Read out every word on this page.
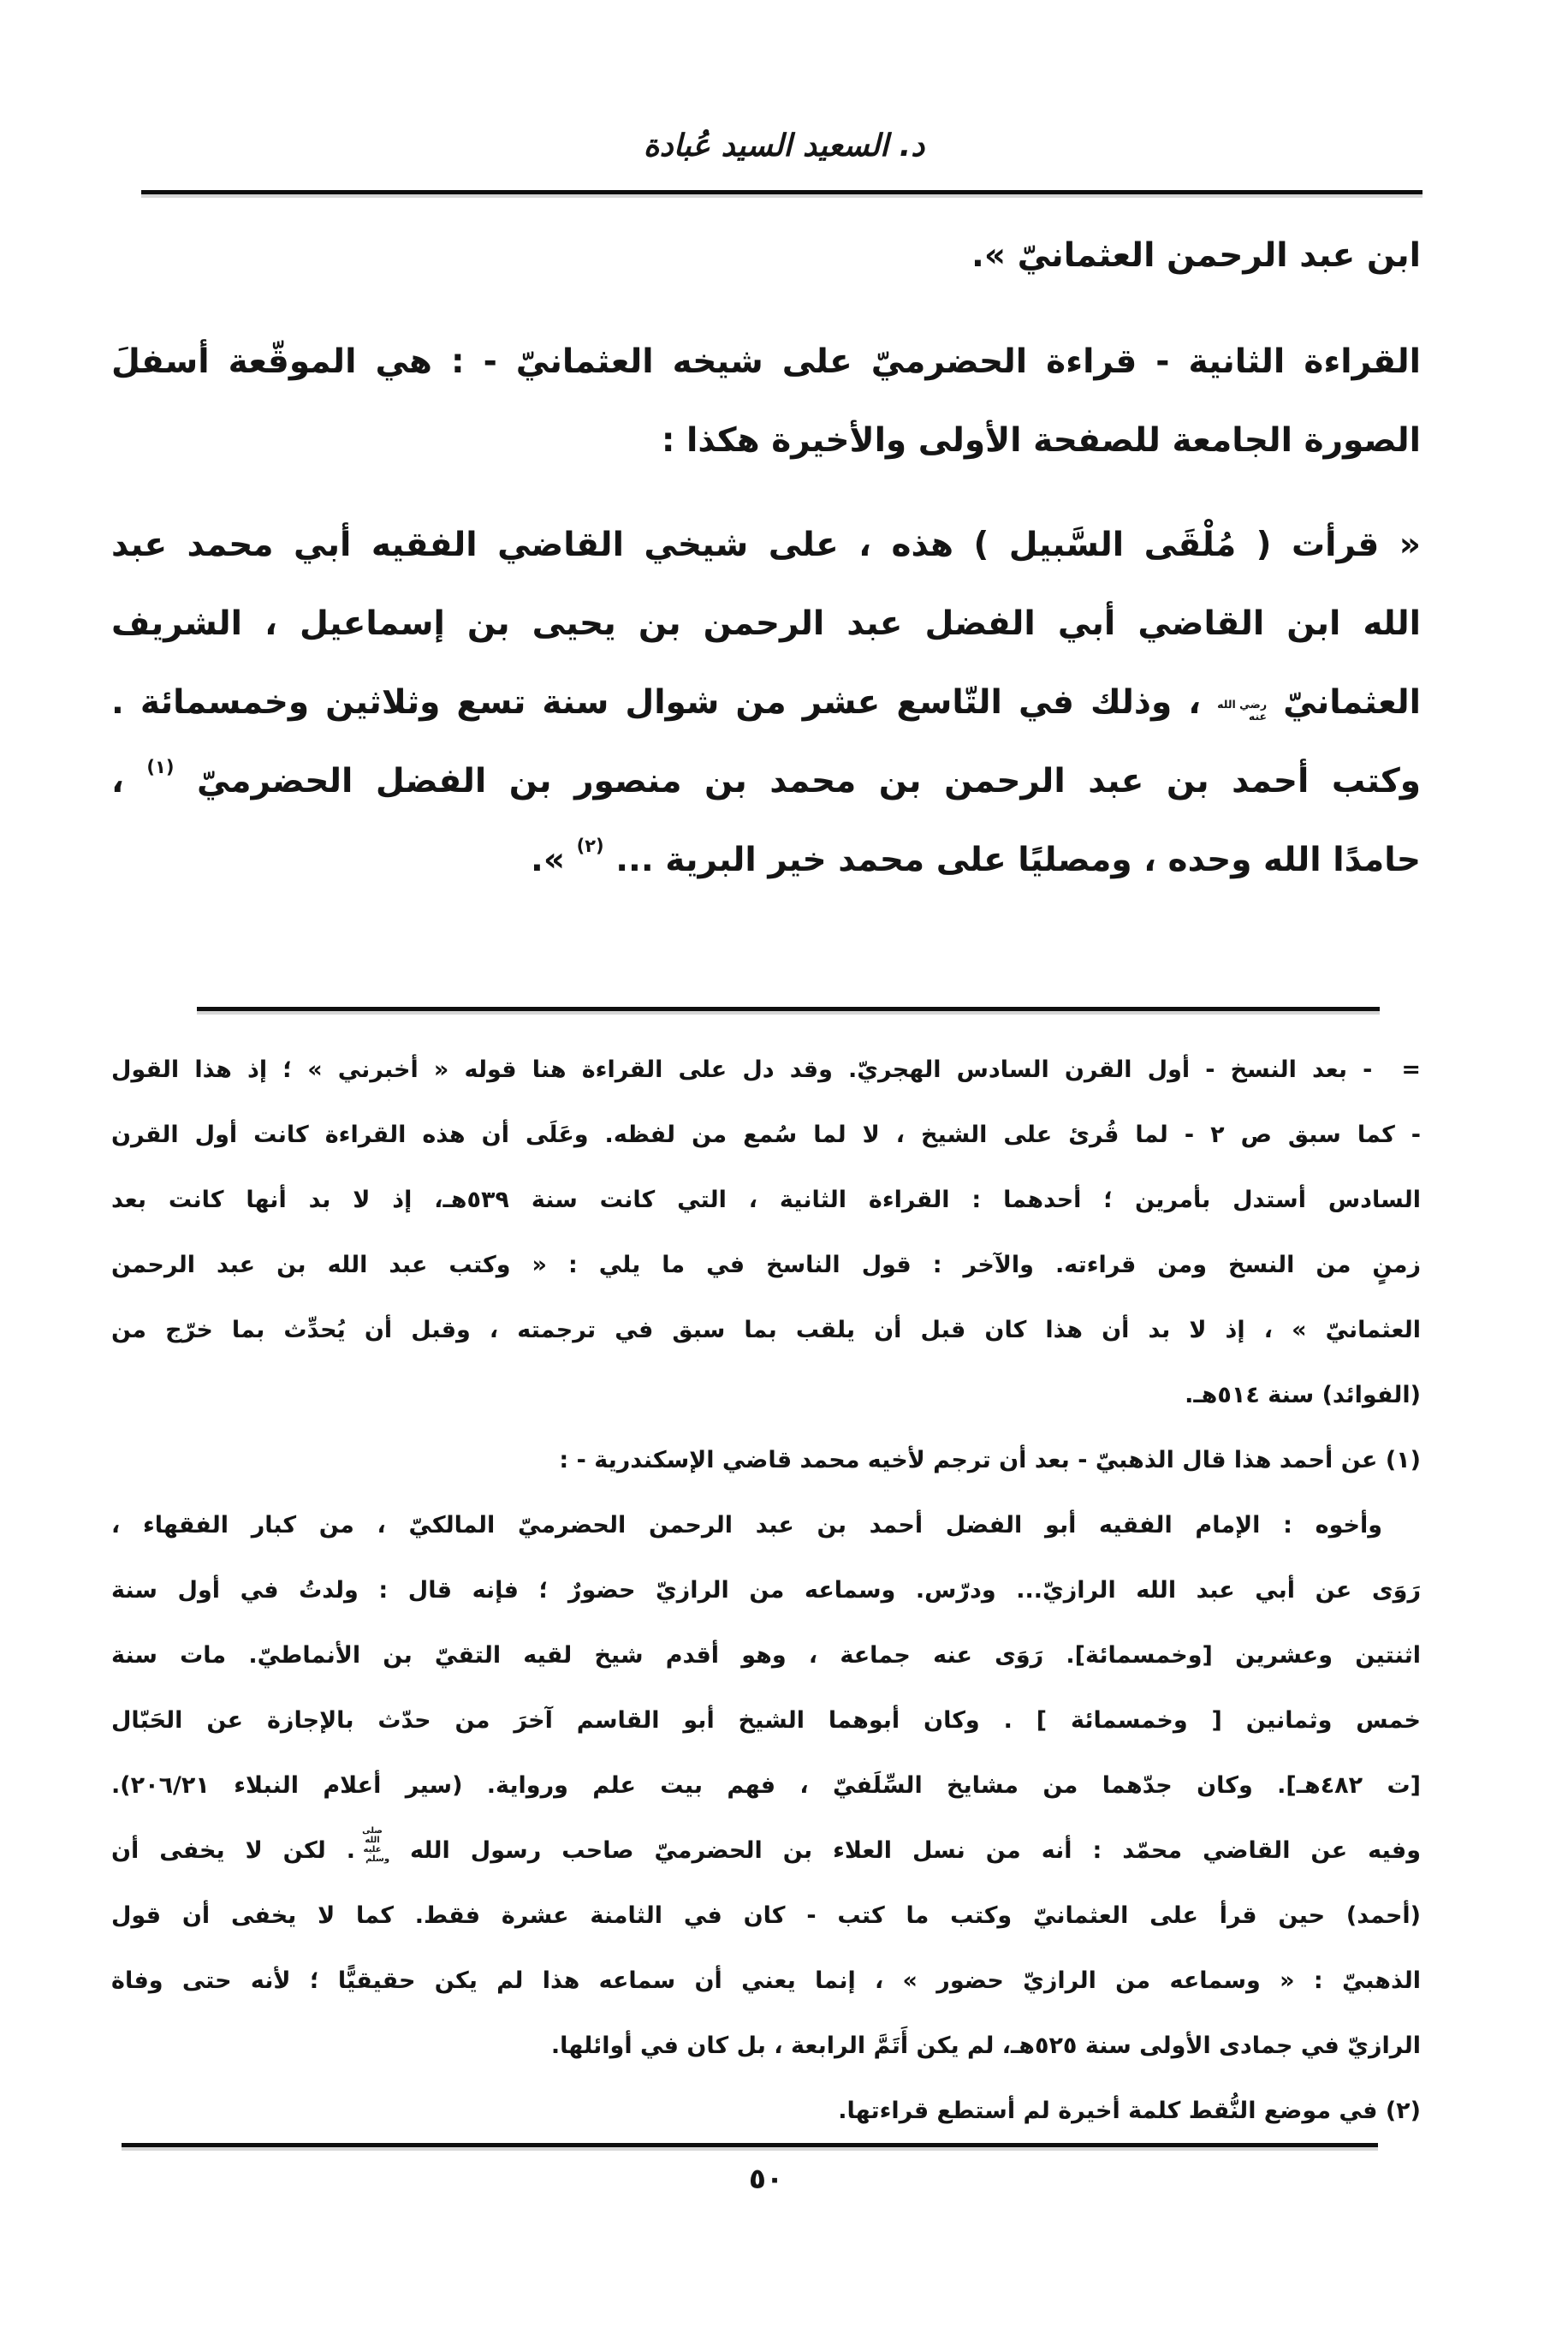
د. السعيد السيد عُبادة
ابن عبد الرحمن العثمانيّ ».
القراءة الثانية - قراءة الحضرميّ على شيخه العثمانيّ - : هي الموقّعة أسفلَ
الصورة الجامعة للصفحة الأولى والأخيرة هكذا :
« قرأت ( مُلْقَى السَّبيل ) هذه ، على شيخي القاضي الفقيه أبي محمد عبد
الله ابن القاضي أبي الفضل عبد الرحمن بن يحيى بن إسماعيل ، الشريف
العثمانيّ رضي الله عنه ، وذلك في التّاسع عشر من شوال سنة تسع وثلاثين وخمسمائة .
وكتب أحمد بن عبد الرحمن بن محمد بن منصور بن الفضل الحضرميّ $^{(١)}$ ،
حامدًا الله وحده ، ومصليًا على محمد خير البرية ... $^{(٢)}$ ».
=- بعد النسخ - أول القرن السادس الهجريّ. وقد دل على القراءة هنا قوله « أخبرني » ؛ إذ هذا القول
- كما سبق ص ٢ - لما قُرئ على الشيخ ، لا لما سُمع من لفظه. وعَلَى أن هذه القراءة كانت أول القرن
السادس أستدل بأمرين ؛ أحدهما : القراءة الثانية ، التي كانت سنة ٥٣٩هـ، إذ لا بد أنها كانت بعد
زمنٍ من النسخ ومن قراءته. والآخر : قول الناسخ في ما يلي : « وكتب عبد الله بن عبد الرحمن
العثمانيّ » ، إذ لا بد أن هذا كان قبل أن يلقب بما سبق في ترجمته ، وقبل أن يُحدِّث بما خرّج من
(الفوائد) سنة ٥١٤هـ.
(١) عن أحمد هذا قال الذهبيّ - بعد أن ترجم لأخيه محمد قاضي الإسكندرية - :
وأخوه : الإمام الفقيه أبو الفضل أحمد بن عبد الرحمن الحضرميّ المالكيّ ، من كبار الفقهاء ،
رَوَى عن أبي عبد الله الرازيّ... ودرّس. وسماعه من الرازيّ حضورٌ ؛ فإنه قال : ولدتُ في أول سنة
اثنتين وعشرين [وخمسمائة]. رَوَى عنه جماعة ، وهو أقدم شيخ لقيه التقيّ بن الأنماطيّ. مات سنة
خمس وثمانين [ وخمسمائة ] . وكان أبوهما الشيخ أبو القاسم آخرَ من حدّث بالإجازة عن الحَبّال
[ت ٤٨٢هـ]. وكان جدّهما من مشايخ السِّلَفيّ ، فهم بيت علم ورواية. (سير أعلام النبلاء ٢٠٦/٢١).
وفيه عن القاضي محمّد : أنه من نسل العلاء بن الحضرميّ صاحب رسول الله صلى الله عليه وسلم. لكن لا يخفى أن
(أحمد) حين قرأ على العثمانيّ وكتب ما كتب - كان في الثامنة عشرة فقط. كما لا يخفى أن قول
الذهبيّ : « وسماعه من الرازيّ حضور » ، إنما يعني أن سماعه هذا لم يكن حقيقيًّا ؛ لأنه حتى وفاة
الرازيّ في جمادى الأولى سنة ٥٢٥هـ، لم يكن أَتَمَّ الرابعة ، بل كان في أوائلها.
(٢) في موضع النُّقط كلمة أخيرة لم أستطع قراءتها.
٥٠
